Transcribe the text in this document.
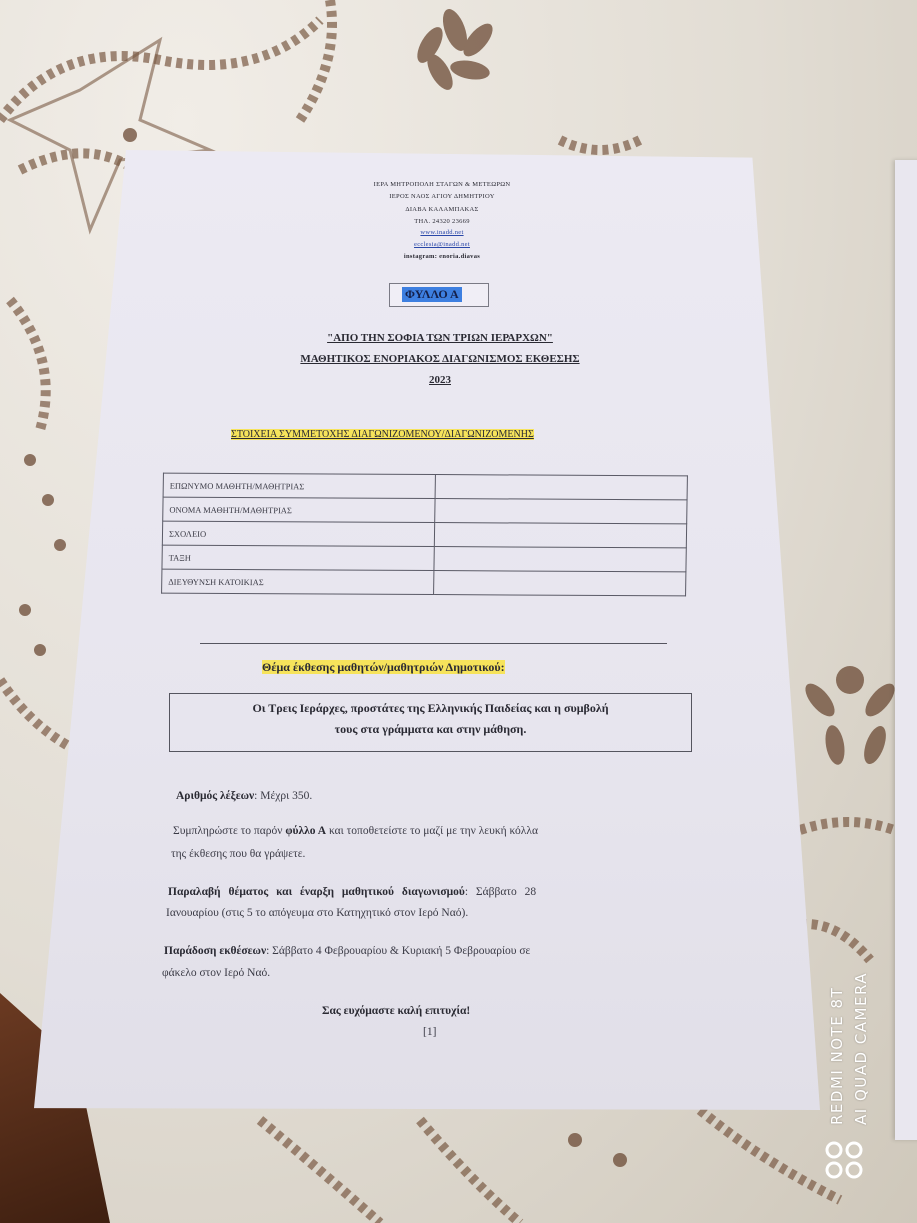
ΙΕΡΑ ΜΗΤΡΟΠΟΛΗ ΣΤΑΓΩΝ & ΜΕΤΕΩΡΩΝ
ΙΕΡΟΣ ΝΑΟΣ ΑΓΙΟΥ ΔΗΜΗΤΡΙΟΥ
ΔΙΑΒΑ ΚΑΛΑΜΠΑΚΑΣ
ΤΗΛ. 24320 23669
www.inadd.net
ecclesia@inadd.net
instagram: enoria.diavas
ΦΥΛΛΟ Α
"ΑΠΟ ΤΗΝ ΣΟΦΙΑ ΤΩΝ ΤΡΙΩΝ ΙΕΡΑΡΧΩΝ"
ΜΑΘΗΤΙΚΟΣ ΕΝΟΡΙΑΚΟΣ ΔΙΑΓΩΝΙΣΜΟΣ ΕΚΘΕΣΗΣ
2023
ΣΤΟΙΧΕΙΑ ΣΥΜΜΕΤΟΧΗΣ ΔΙΑΓΩΝΙΖΟΜΕΝΟΥ/ΔΙΑΓΩΝΙΖΟΜΕΝΗΣ
ΕΠΩΝΥΜΟ ΜΑΘΗΤΗ/ΜΑΘΗΤΡΙΑΣ	
ΟΝΟΜΑ ΜΑΘΗΤΗ/ΜΑΘΗΤΡΙΑΣ	
ΣΧΟΛΕΙΟ	
ΤΑΞΗ	
ΔΙΕΥΘΥΝΣΗ ΚΑΤΟΙΚΙΑΣ	
Θέμα έκθεσης μαθητών/μαθητριών Δημοτικού:
Οι Τρεις Ιεράρχες, προστάτες της Ελληνικής Παιδείας και η συμβολή
τους στα γράμματα και στην μάθηση.
Αριθμός λέξεων: Μέχρι 350.
Συμπληρώστε το παρόν φύλλο Α και τοποθετείστε το μαζί με την λευκή κόλλα
της έκθεσης που θα γράψετε.
Παραλαβή θέματος και έναρξη μαθητικού διαγωνισμού: Σάββατο 28
Ιανουαρίου (στις 5 το απόγευμα στο Κατηχητικό στον Ιερό Ναό).
Παράδοση εκθέσεων: Σάββατο 4 Φεβρουαρίου & Κυριακή 5 Φεβρουαρίου σε
φάκελο στον Ιερό Ναό.
Σας ευχόμαστε καλή επιτυχία!
[1]	REDMI NOTE 8T AI QUAD CAMERA
